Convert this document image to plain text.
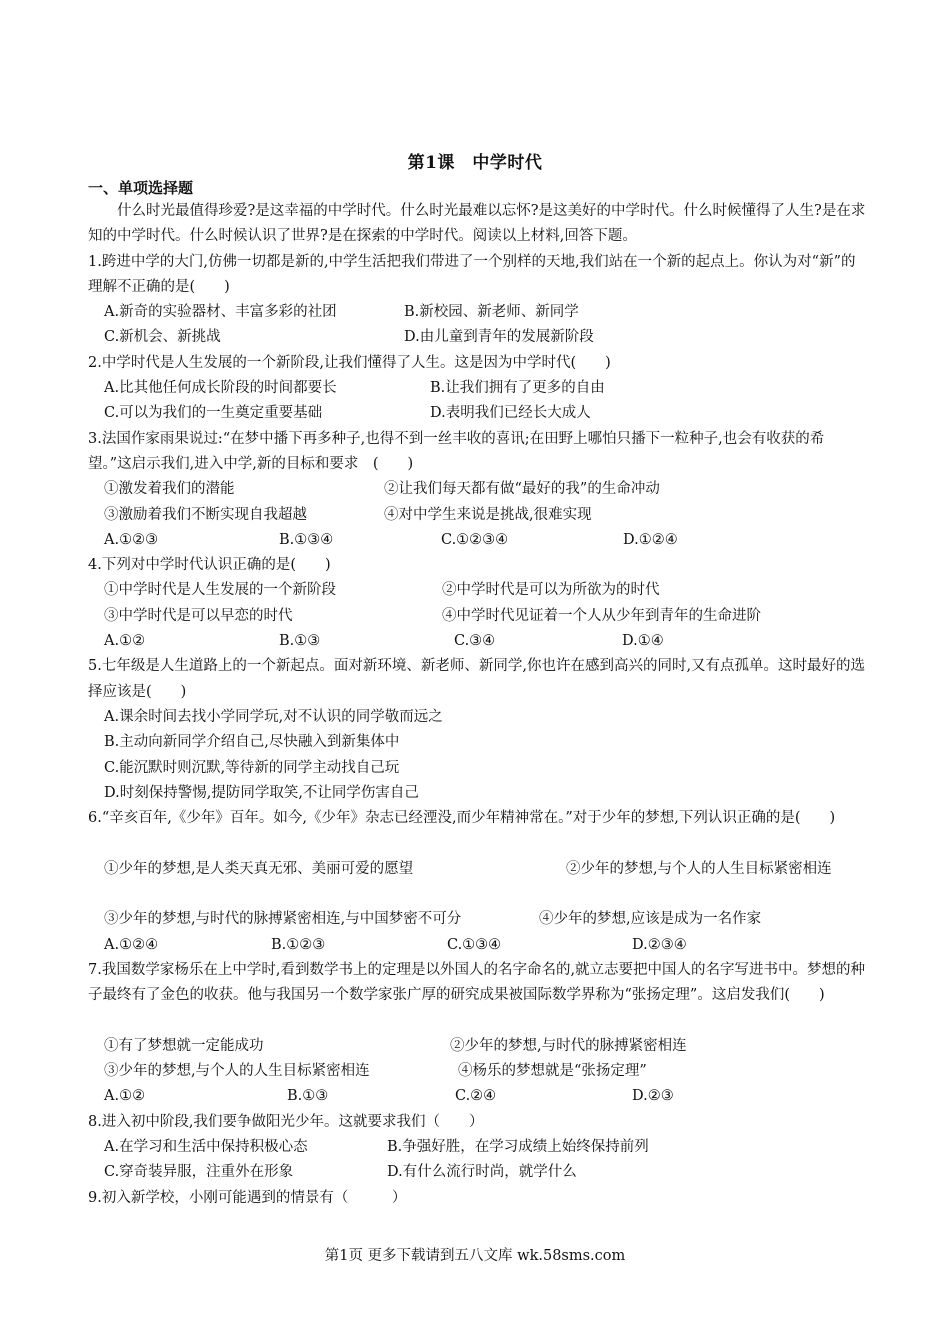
第1课　中学时代
一、单项选择题
什么时光最值得珍爱?是这幸福的中学时代。什么时光最难以忘怀?是这美好的中学时代。什么时候懂得了人生?是在求知的中学时代。什么时候认识了世界?是在探索的中学时代。阅读以上材料,回答下题。
1.跨进中学的大门,仿佛一切都是新的,中学生活把我们带进了一个别样的天地,我们站在一个新的起点上。你认为对“新”的理解不正确的是(　　)
A.新奇的实验器材、丰富多彩的社团	B.新校园、新老师、新同学
C.新机会、新挑战	D.由儿童到青年的发展新阶段
2.中学时代是人生发展的一个新阶段,让我们懂得了人生。这是因为中学时代(　　)
A.比其他任何成长阶段的时间都要长	B.让我们拥有了更多的自由
C.可以为我们的一生奠定重要基础	D.表明我们已经长大成人
3.法国作家雨果说过:“在梦中播下再多种子,也得不到一丝丰收的喜讯;在田野上哪怕只播下一粒种子,也会有收获的希望。”这启示我们,进入中学,新的目标和要求　(　　)
①激发着我们的潜能	②让我们每天都有做“最好的我”的生命冲动
③激励着我们不断实现自我超越	④对中学生来说是挑战,很难实现
A.①②③	B.①③④	C.①②③④	D.①②④
4.下列对中学时代认识正确的是(　　)
①中学时代是人生发展的一个新阶段	②中学时代是可以为所欲为的时代
③中学时代是可以早恋的时代	④中学时代见证着一个人从少年到青年的生命进阶
A.①②	B.①③	C.③④	D.①④
5.七年级是人生道路上的一个新起点。面对新环境、新老师、新同学,你也许在感到高兴的同时,又有点孤单。这时最好的选择应该是(　　)
A.课余时间去找小学同学玩,对不认识的同学敬而远之
B.主动向新同学介绍自己,尽快融入到新集体中
C.能沉默时则沉默,等待新的同学主动找自己玩
D.时刻保持警惕,提防同学取笑,不让同学伤害自己
6.“辛亥百年,《少年》百年。如今,《少年》杂志已经湮没,而少年精神常在。”对于少年的梦想,下列认识正确的是(　　)
①少年的梦想,是人类天真无邪、美丽可爱的愿望	②少年的梦想,与个人的人生目标紧密相连
③少年的梦想,与时代的脉搏紧密相连,与中国梦密不可分	④少年的梦想,应该是成为一名作家
A.①②④	B.①②③	C.①③④	D.②③④
7.我国数学家杨乐在上中学时,看到数学书上的定理是以外国人的名字命名的,就立志要把中国人的名字写进书中。梦想的种子最终有了金色的收获。他与我国另一个数学家张广厚的研究成果被国际数学界称为“张扬定理”。这启发我们(　　)
①有了梦想就一定能成功	②少年的梦想,与时代的脉搏紧密相连
③少年的梦想,与个人的人生目标紧密相连	④杨乐的梦想就是“张扬定理”
A.①②	B.①③	C.②④	D.②③
8.进入初中阶段,我们要争做阳光少年。这就要求我们（　　）
A.在学习和生活中保持积极心态	B.争强好胜，在学习成绩上始终保持前列
C.穿奇装异服，注重外在形象	D.有什么流行时尚，就学什么
9.初入新学校，小刚可能遇到的情景有（　　　）
第1页 更多下载请到五八文库 wk.58sms.com
